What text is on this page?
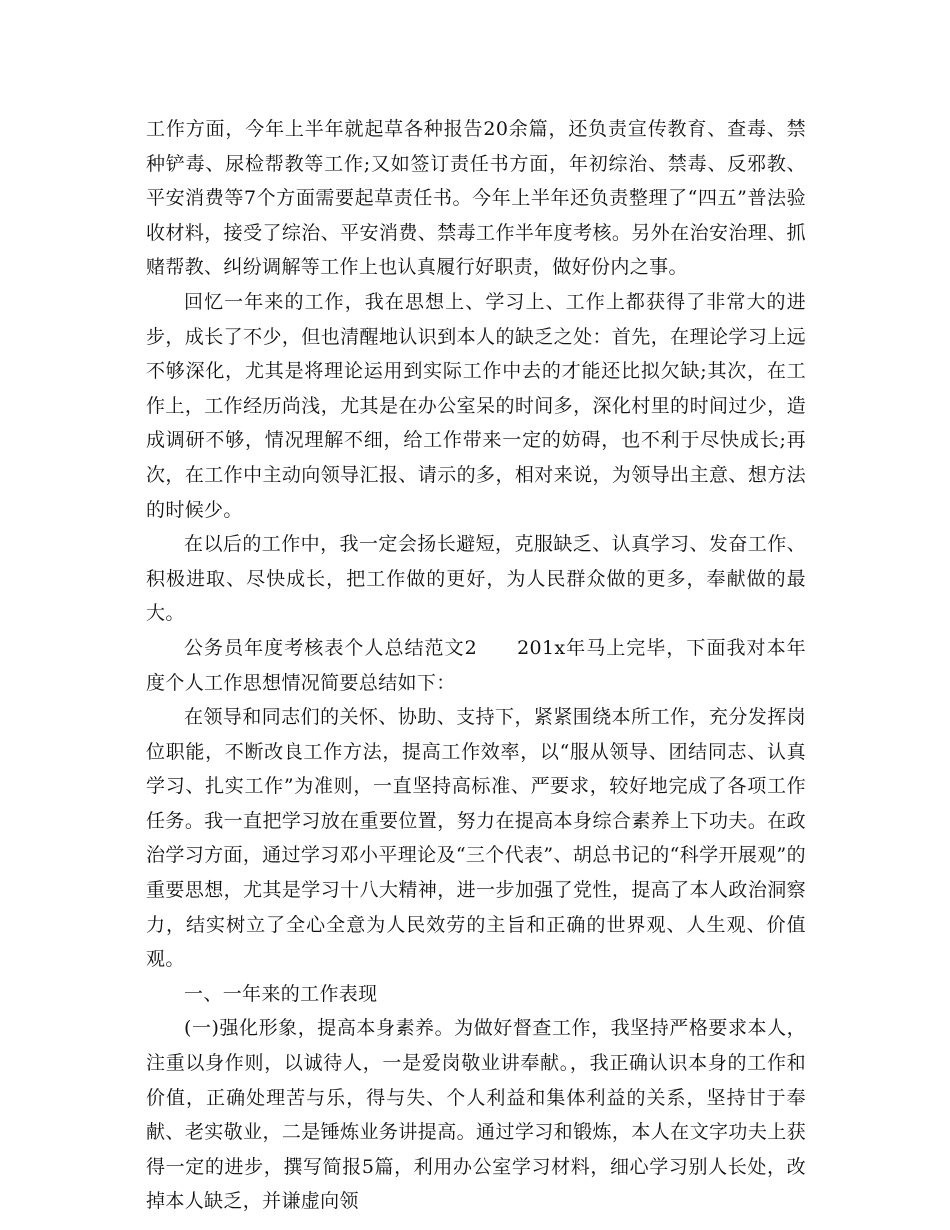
工作方面，今年上半年就起草各种报告20余篇，还负责宣传教育、查毒、禁种铲毒、尿检帮教等工作;又如签订责任书方面，年初综治、禁毒、反邪教、平安消费等7个方面需要起草责任书。今年上半年还负责整理了“四五”普法验收材料，接受了综治、平安消费、禁毒工作半年度考核。另外在治安治理、抓赌帮教、纠纷调解等工作上也认真履行好职责，做好份内之事。

回忆一年来的工作，我在思想上、学习上、工作上都获得了非常大的进步，成长了不少，但也清醒地认识到本人的缺乏之处：首先，在理论学习上远不够深化，尤其是将理论运用到实际工作中去的才能还比拟欠缺;其次，在工作上，工作经历尚浅，尤其是在办公室呆的时间多，深化村里的时间过少，造成调研不够，情况理解不细，给工作带来一定的妨碍，也不利于尽快成长;再次，在工作中主动向领导汇报、请示的多，相对来说，为领导出主意、想方法的时候少。

在以后的工作中，我一定会扬长避短，克服缺乏、认真学习、发奋工作、积极进取、尽快成长，把工作做的更好，为人民群众做的更多，奉献做的最大。

公务员年度考核表个人总结范文2 201x年马上完毕，下面我对本年度个人工作思想情况简要总结如下：

在领导和同志们的关怀、协助、支持下，紧紧围绕本所工作，充分发挥岗位职能，不断改良工作方法，提高工作效率，以“服从领导、团结同志、认真学习、扎实工作”为准则，一直坚持高标准、严要求，较好地完成了各项工作任务。我一直把学习放在重要位置，努力在提高本身综合素养上下功夫。在政治学习方面，通过学习邓小平理论及“三个代表”、胡总书记的“科学开展观”的重要思想，尤其是学习十八大精神，进一步加强了党性，提高了本人政治洞察力，结实树立了全心全意为人民效劳的主旨和正确的世界观、人生观、价值观。

一、一年来的工作表现

(一)强化形象，提高本身素养。为做好督查工作，我坚持严格要求本人，注重以身作则，以诚待人，一是爱岗敬业讲奉献。，我正确认识本身的工作和价值，正确处理苦与乐，得与失、个人利益和集体利益的关系，坚持甘于奉献、老实敬业，二是锤炼业务讲提高。通过学习和锻炼，本人在文字功夫上获得一定的进步，撰写简报5篇，利用办公室学习材料，细心学习别人长处，改掉本人缺乏，并谦虚向领
